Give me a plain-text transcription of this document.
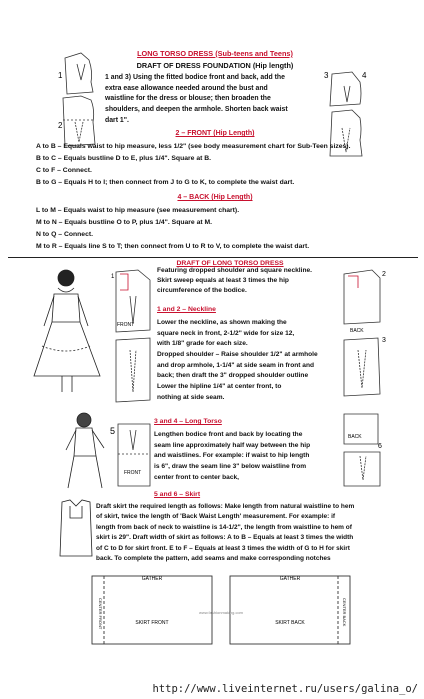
LONG TORSO DRESS (Sub-teens and Teens)
DRAFT OF DRESS FOUNDATION (Hip length)
1 and 3) Using the fitted bodice front and back, add the
extra ease allowance needed around the bust and
waistline for the dress or blouse; then broaden the
shoulders, and deepen the armhole. Shorten back waist
dart 1".
1
2
3	4
2 – FRONT (Hip Length)
A to B – Equals waist to hip measure, less 1/2" (see body measurement chart for Sub-Teen sizes).
B to C – Equals bustline D to E, plus 1/4". Square at B.
C to F – Connect.
B to G – Equals H to I; then connect from J to G to K, to complete the waist dart.
4 – BACK (Hip Length)
L to M – Equals waist to hip measure (see measurement chart).
M to N – Equals bustline O to P, plus 1/4". Square at M.
N to Q – Connect.
M to R – Equals line S to T; then connect from U to R to V, to complete the waist dart.
DRAFT OF LONG TORSO DRESS
FRONT
1
Featuring dropped shoulder and square neckline.
Skirt sweep equals at least 3 times the hip
circumference of the bodice.
1 and 2 – Neckline
Lower the neckline, as shown making the
square neck in front, 2-1/2" wide for size 12,
with 1/8" grade for each size.
Dropped shoulder – Raise shoulder 1/2" at armhole
and drop armhole, 1-1/4" at side seam in front and
back; then draft the 3" dropped shoulder outline
Lower the hipline 1/4" at center front, to
nothing at side seam.
2
BACK
3
5
FRONT
3 and 4 – Long Torso
Lengthen bodice front and back by locating the
seam line approximately half way between the hip
and waistlines. For example: if waist to hip length
is 6", draw the seam line 3" below waistline from
center front to center back,
6
BACK
5 and 6 – Skirt
Draft skirt the required length as follows: Make length from natural waistline to hem
of skirt, twice the length of 'Back Waist Length' measurement. For example: if
length from back of neck to waistline is 14-1/2", the length from waistline to hem of
skirt is 29". Draft width of skirt as follows: A to B – Equals at least 3 times the width
of C to D for skirt front. E to F – Equals at least 3 times the width of G to H for skirt
back. To complete the pattern, add seams and make corresponding notches
GATHER	GATHER
SKIRT FRONT	SKIRT BACK
www.fashionmaking.com
CENTER FRONT	CENTER BACK
http://www.liveinternet.ru/users/galina_o/
